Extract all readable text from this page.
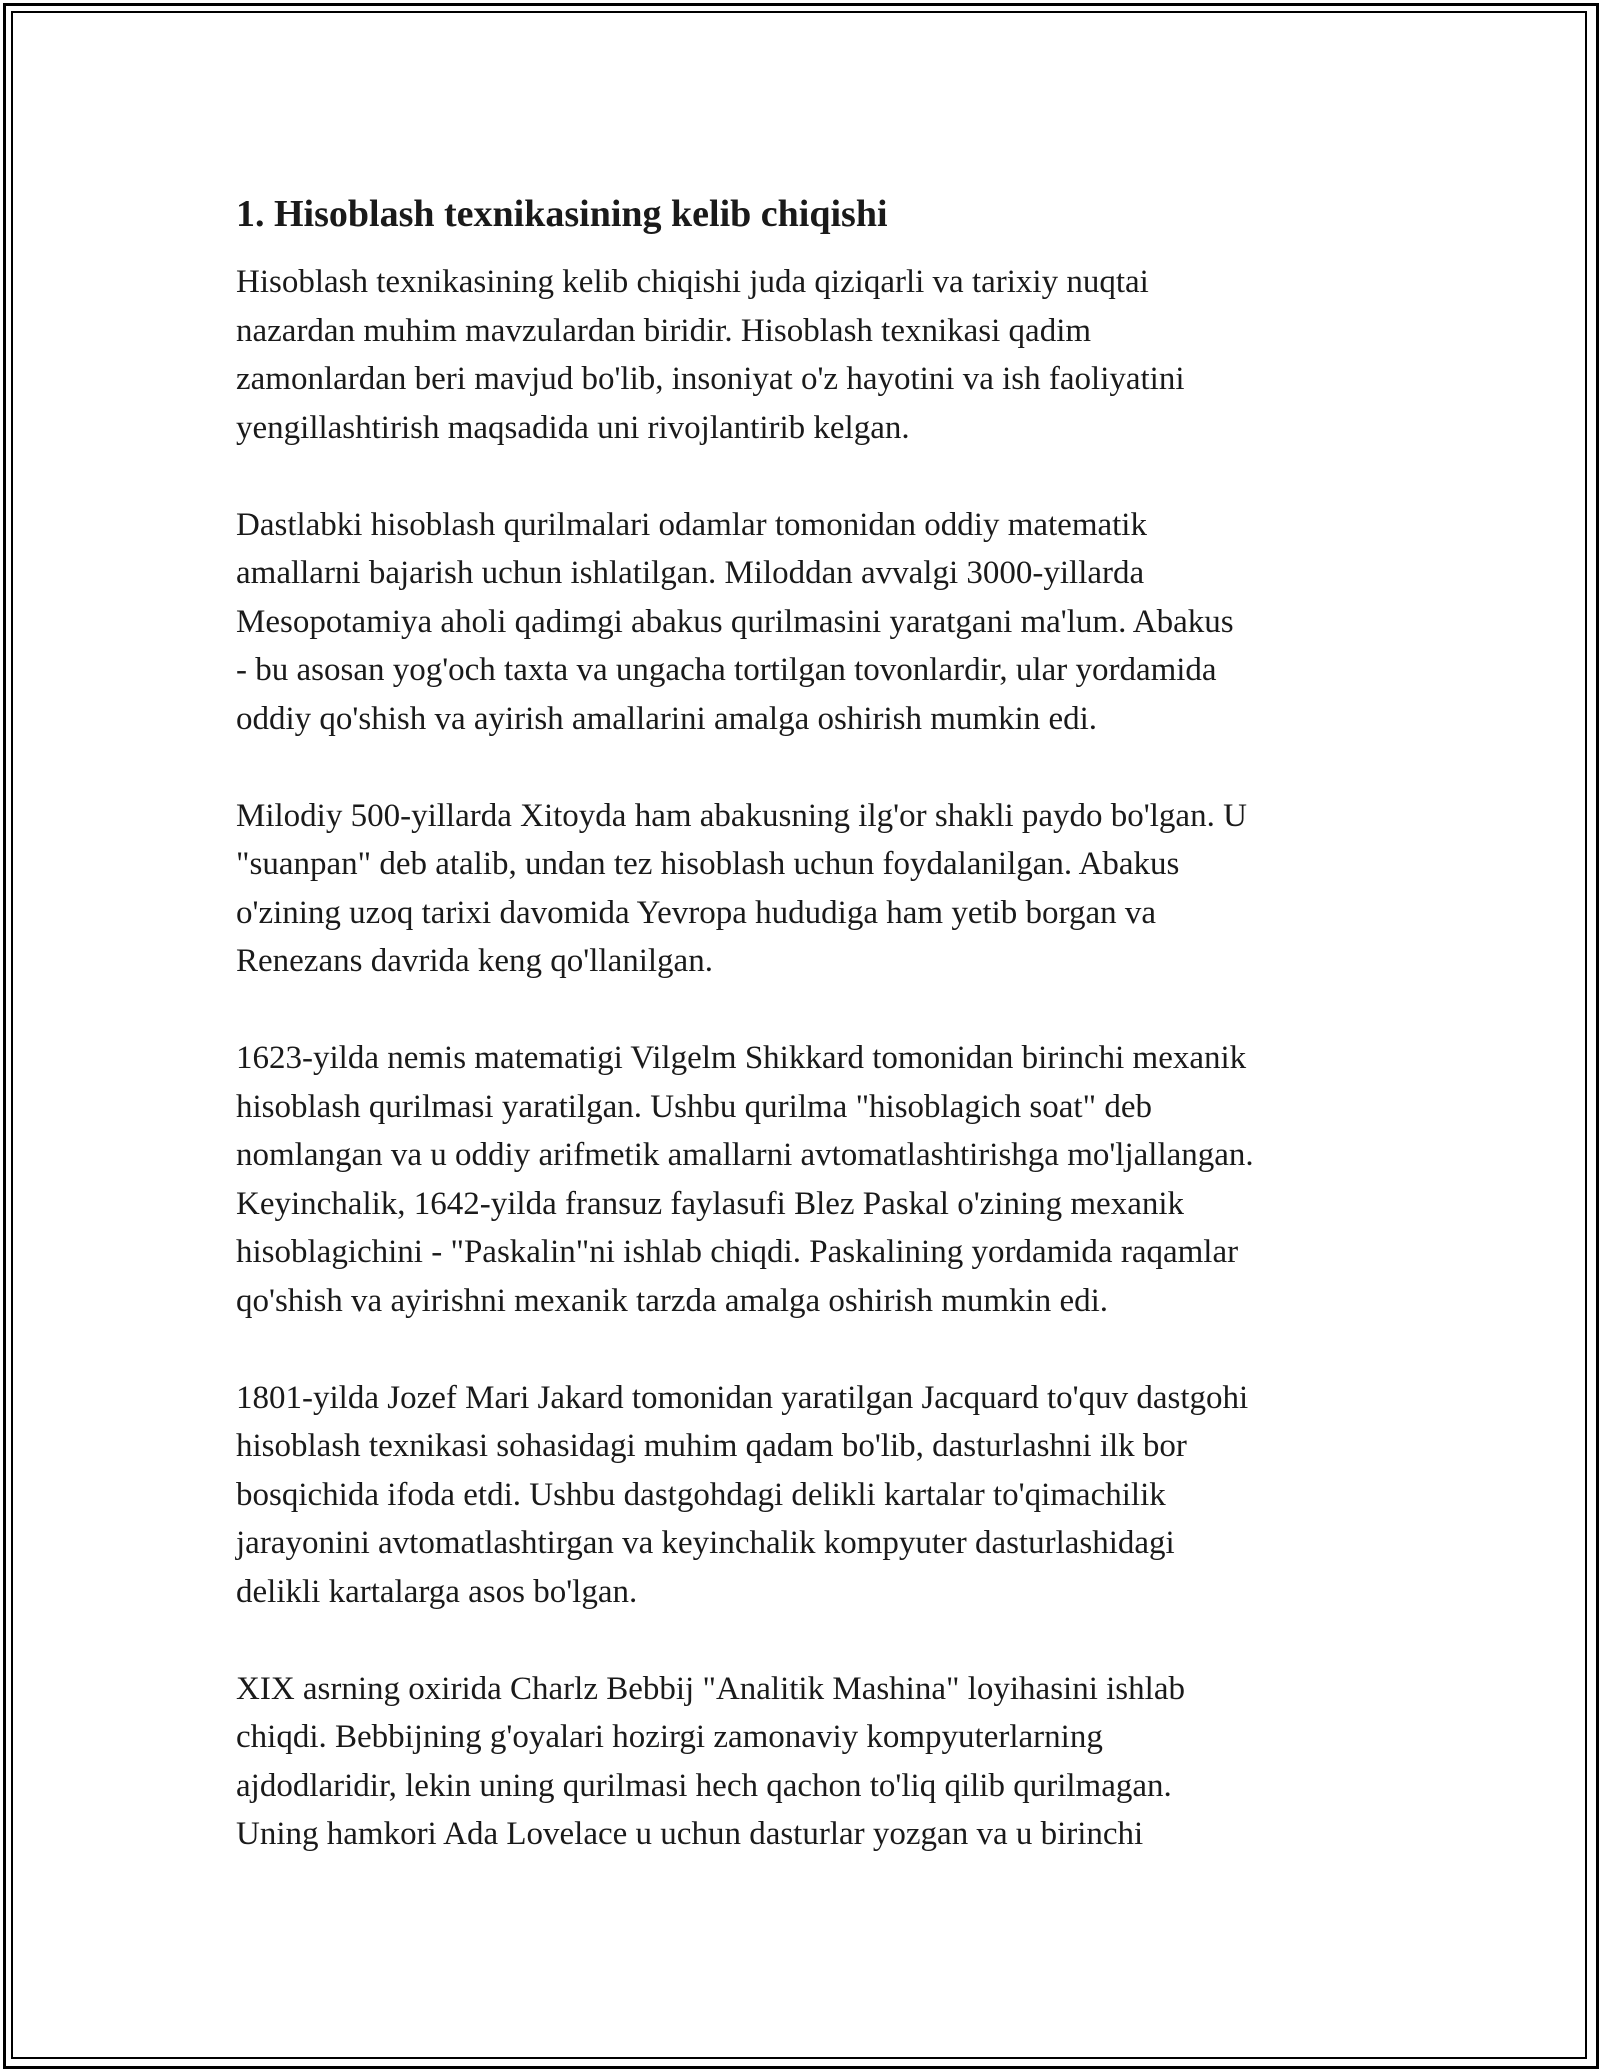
1. Hisoblash texnikasining kelib chiqishi

Hisoblash texnikasining kelib chiqishi juda qiziqarli va tarixiy nuqtai
nazardan muhim mavzulardan biridir. Hisoblash texnikasi qadim
zamonlardan beri mavjud bo'lib, insoniyat o'z hayotini va ish faoliyatini
yengillashtirish maqsadida uni rivojlantirib kelgan.

Dastlabki hisoblash qurilmalari odamlar tomonidan oddiy matematik
amallarni bajarish uchun ishlatilgan. Miloddan avvalgi 3000-yillarda
Mesopotamiya aholi qadimgi abakus qurilmasini yaratgani ma'lum. Abakus
- bu asosan yog'och taxta va ungacha tortilgan tovonlardir, ular yordamida
oddiy qo'shish va ayirish amallarini amalga oshirish mumkin edi.

Milodiy 500-yillarda Xitoyda ham abakusning ilg'or shakli paydo bo'lgan. U
"suanpan" deb atalib, undan tez hisoblash uchun foydalanilgan. Abakus
o'zining uzoq tarixi davomida Yevropa hududiga ham yetib borgan va
Renezans davrida keng qo'llanilgan.

1623-yilda nemis matematigi Vilgelm Shikkard tomonidan birinchi mexanik
hisoblash qurilmasi yaratilgan. Ushbu qurilma "hisoblagich soat" deb
nomlangan va u oddiy arifmetik amallarni avtomatlashtirishga mo'ljallangan.
Keyinchalik, 1642-yilda fransuz faylasufi Blez Paskal o'zining mexanik
hisoblagichini - "Paskalin"ni ishlab chiqdi. Paskalining yordamida raqamlar
qo'shish va ayirishni mexanik tarzda amalga oshirish mumkin edi.

1801-yilda Jozef Mari Jakard tomonidan yaratilgan Jacquard to'quv dastgohi
hisoblash texnikasi sohasidagi muhim qadam bo'lib, dasturlashni ilk bor
bosqichida ifoda etdi. Ushbu dastgohdagi delikli kartalar to'qimachilik
jarayonini avtomatlashtirgan va keyinchalik kompyuter dasturlashidagi
delikli kartalarga asos bo'lgan.

XIX asrning oxirida Charlz Bebbij "Analitik Mashina" loyihasini ishlab
chiqdi. Bebbijning g'oyalari hozirgi zamonaviy kompyuterlarning
ajdodlaridir, lekin uning qurilmasi hech qachon to'liq qilib qurilmagan.
Uning hamkori Ada Lovelace u uchun dasturlar yozgan va u birinchi
